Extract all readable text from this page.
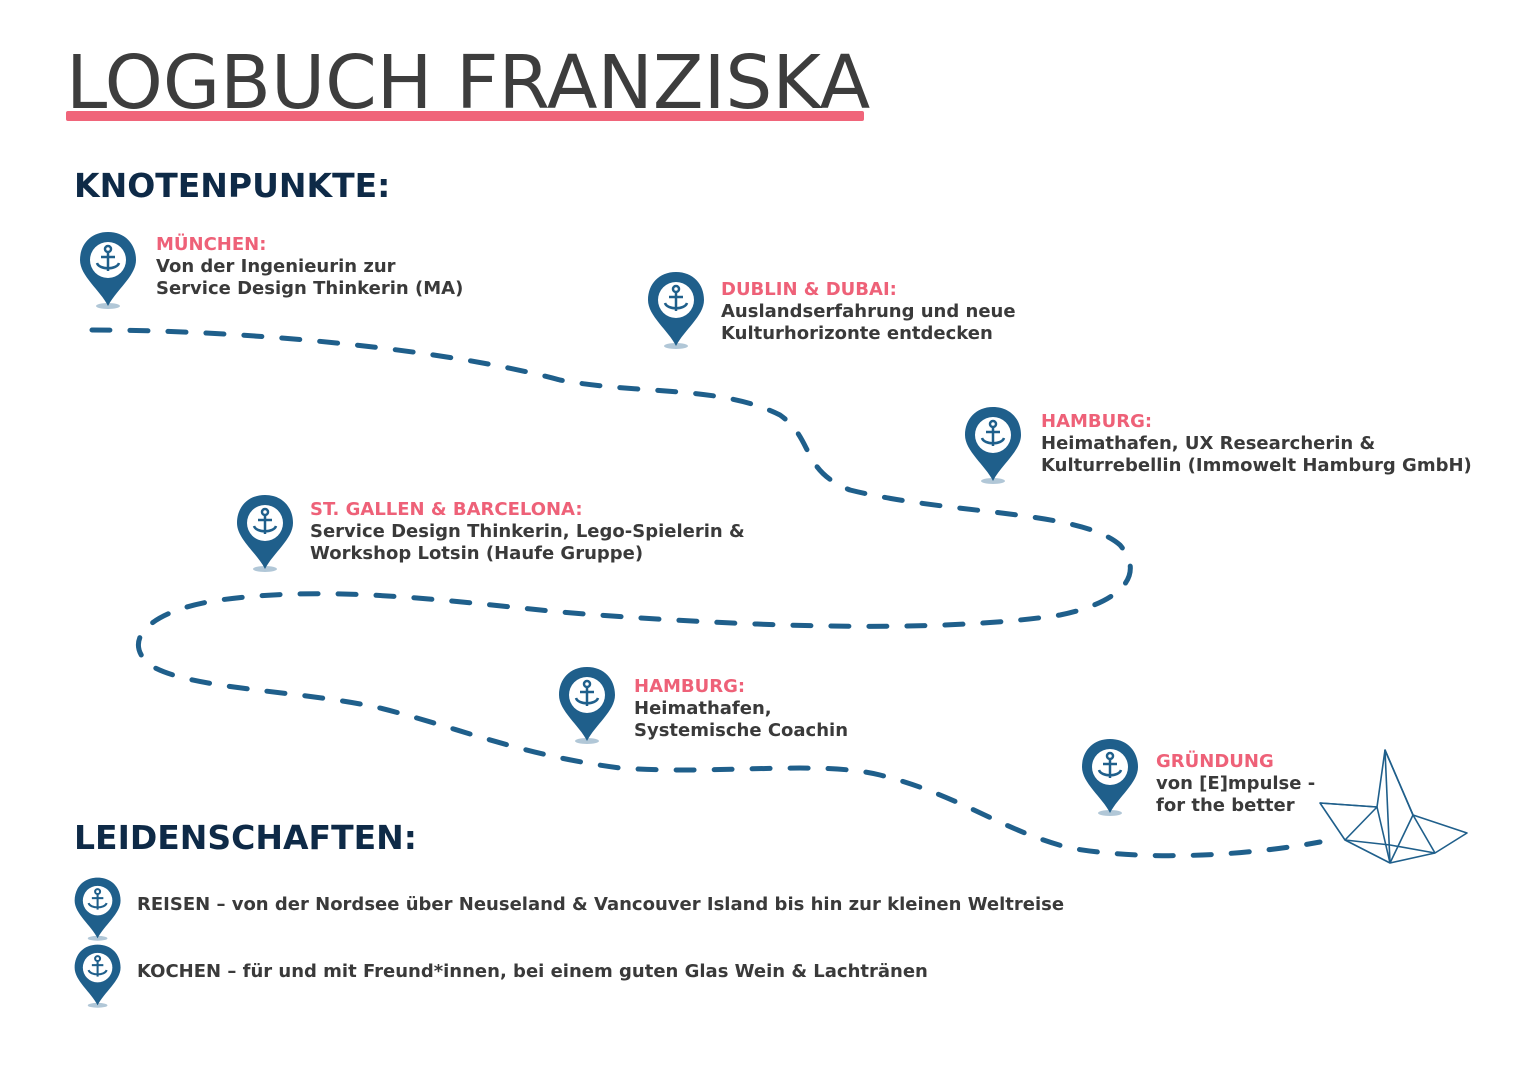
LOGBUCH FRANZISKA
KNOTENPUNKTE:
LEIDENSCHAFTEN:
MÜNCHEN:
Von der Ingenieurin zur
Service Design Thinkerin (MA)	DUBLIN & DUBAI:
Auslandserfahrung und neue
Kulturhorizonte entdecken
HAMBURG:
Heimathafen, UX Researcherin &
Kulturrebellin (Immowelt Hamburg GmbH)
ST. GALLEN & BARCELONA:
Service Design Thinkerin, Lego-Spielerin &
Workshop Lotsin (Haufe Gruppe)
HAMBURG:
Heimathafen,
Systemische Coachin
GRÜNDUNG
von [E]mpulse -
for the better
REISEN – von der Nordsee über Neuseland & Vancouver Island bis hin zur kleinen Weltreise
KOCHEN – für und mit Freund*innen, bei einem guten Glas Wein & Lachtränen
